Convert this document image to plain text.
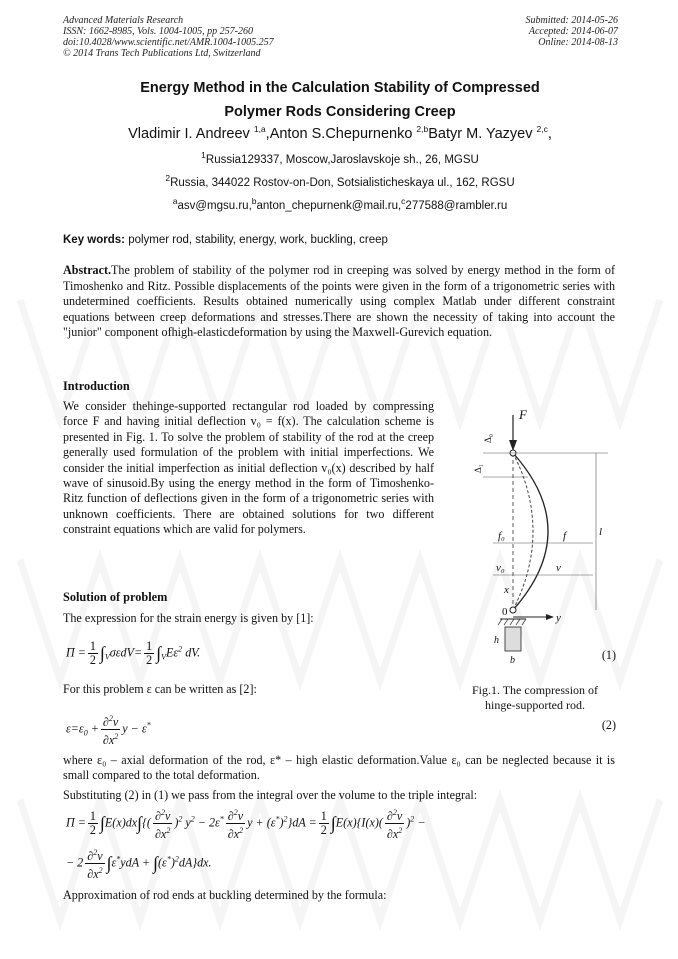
Advanced Materials Research
ISSN: 1662-8985, Vols. 1004-1005, pp 257-260
doi:10.4028/www.scientific.net/AMR.1004-1005.257
© 2014 Trans Tech Publications Ltd, Switzerland
Submitted: 2014-05-26
Accepted: 2014-06-07
Online: 2014-08-13
Energy Method in the Calculation Stability of Compressed
Polymer Rods Considering Creep
Vladimir I. Andreev $^{1,a}$,Anton S.Chepurnenko $^{2,b}$Batyr M. Yazyev $^{2,c}$,
$^1$Russia129337, Moscow,Jaroslavskoje sh., 26, MGSU
$^2$Russia, 344022 Rostov-on-Don, Sotsialisticheskaya ul., 162, RGSU
$^a$asv@mgsu.ru,$^b$anton_chepurnenk@mail.ru,$^c$277588@rambler.ru
Key words: polymer rod, stability, energy, work, buckling, creep
Abstract.The problem of stability of the polymer rod in creeping was solved by energy method in the form of Timoshenko and Ritz. Possible displacements of the points were given in the form of a trigonometric series with undetermined coefficients. Results obtained numerically using complex Matlab under different constraint equations between creep deformations and stresses.There are shown the necessity of taking into account the "junior" component ofhigh-elasticdeformation by using the Maxwell-Gurevich equation.
Introduction
We consider thehinge-supported rectangular rod loaded by compressing force F and having initial deflection v₀ = f(x). The calculation scheme is presented in Fig. 1. To solve the problem of stability of the rod at the creep generally used formulation of the problem with initial imperfections. We consider the initial imperfection as initial deflection v₀(x) described by half wave of sinusoid.By using the energy method in the form of Timoshenko-Ritz function of deflections given in the form of a trigonometric series with unknown coefficients. There are obtained solutions for two different constraint equations which are valid for polymers.
F
l
Δ₀
Δ₁
f₀	f
v₀	v
x
0	y
h
b
Fig.1. The compression of
hinge-supported rod.
Solution of problem
The expression for the strain energy is given by [1]:
$\Pi = \frac{1}{2} \int_V\sigma\varepsilon dV= \frac{1}{2} \int_VE\varepsilon^2$ dV.	(1)
For this problem ε can be written as [2]:
$\varepsilon=\varepsilon_0 + \frac{\partial^2v}{\partial x^2}$ y − ε*	(2)
where ε₀ – axial deformation of the rod, ε* – high elastic deformation.Value ε₀ can be neglected because it is small compared to the total deformation.
Substituting (2) in (1) we pass from the integral over the volume to the triple integral:
$\Pi = \frac{1}{2} \int E(x)dx\int\{( \frac{\partial^2v}{\partial x^2} )^2$ $y^2 - 2\varepsilon^* \frac{\partial^2v}{\partial x^2}$ $y + (\varepsilon^*)^2\}dA = \frac{1}{2} \int E(x)\{I(x)( \frac{\partial^2v}{\partial x^2} )^2$ −
− $2 \frac{\partial^2v}{\partial x^2} \int\varepsilon^*ydA + \int(\varepsilon^*)^2dA\}dx$.
Approximation of rod ends at buckling determined by the formula:
